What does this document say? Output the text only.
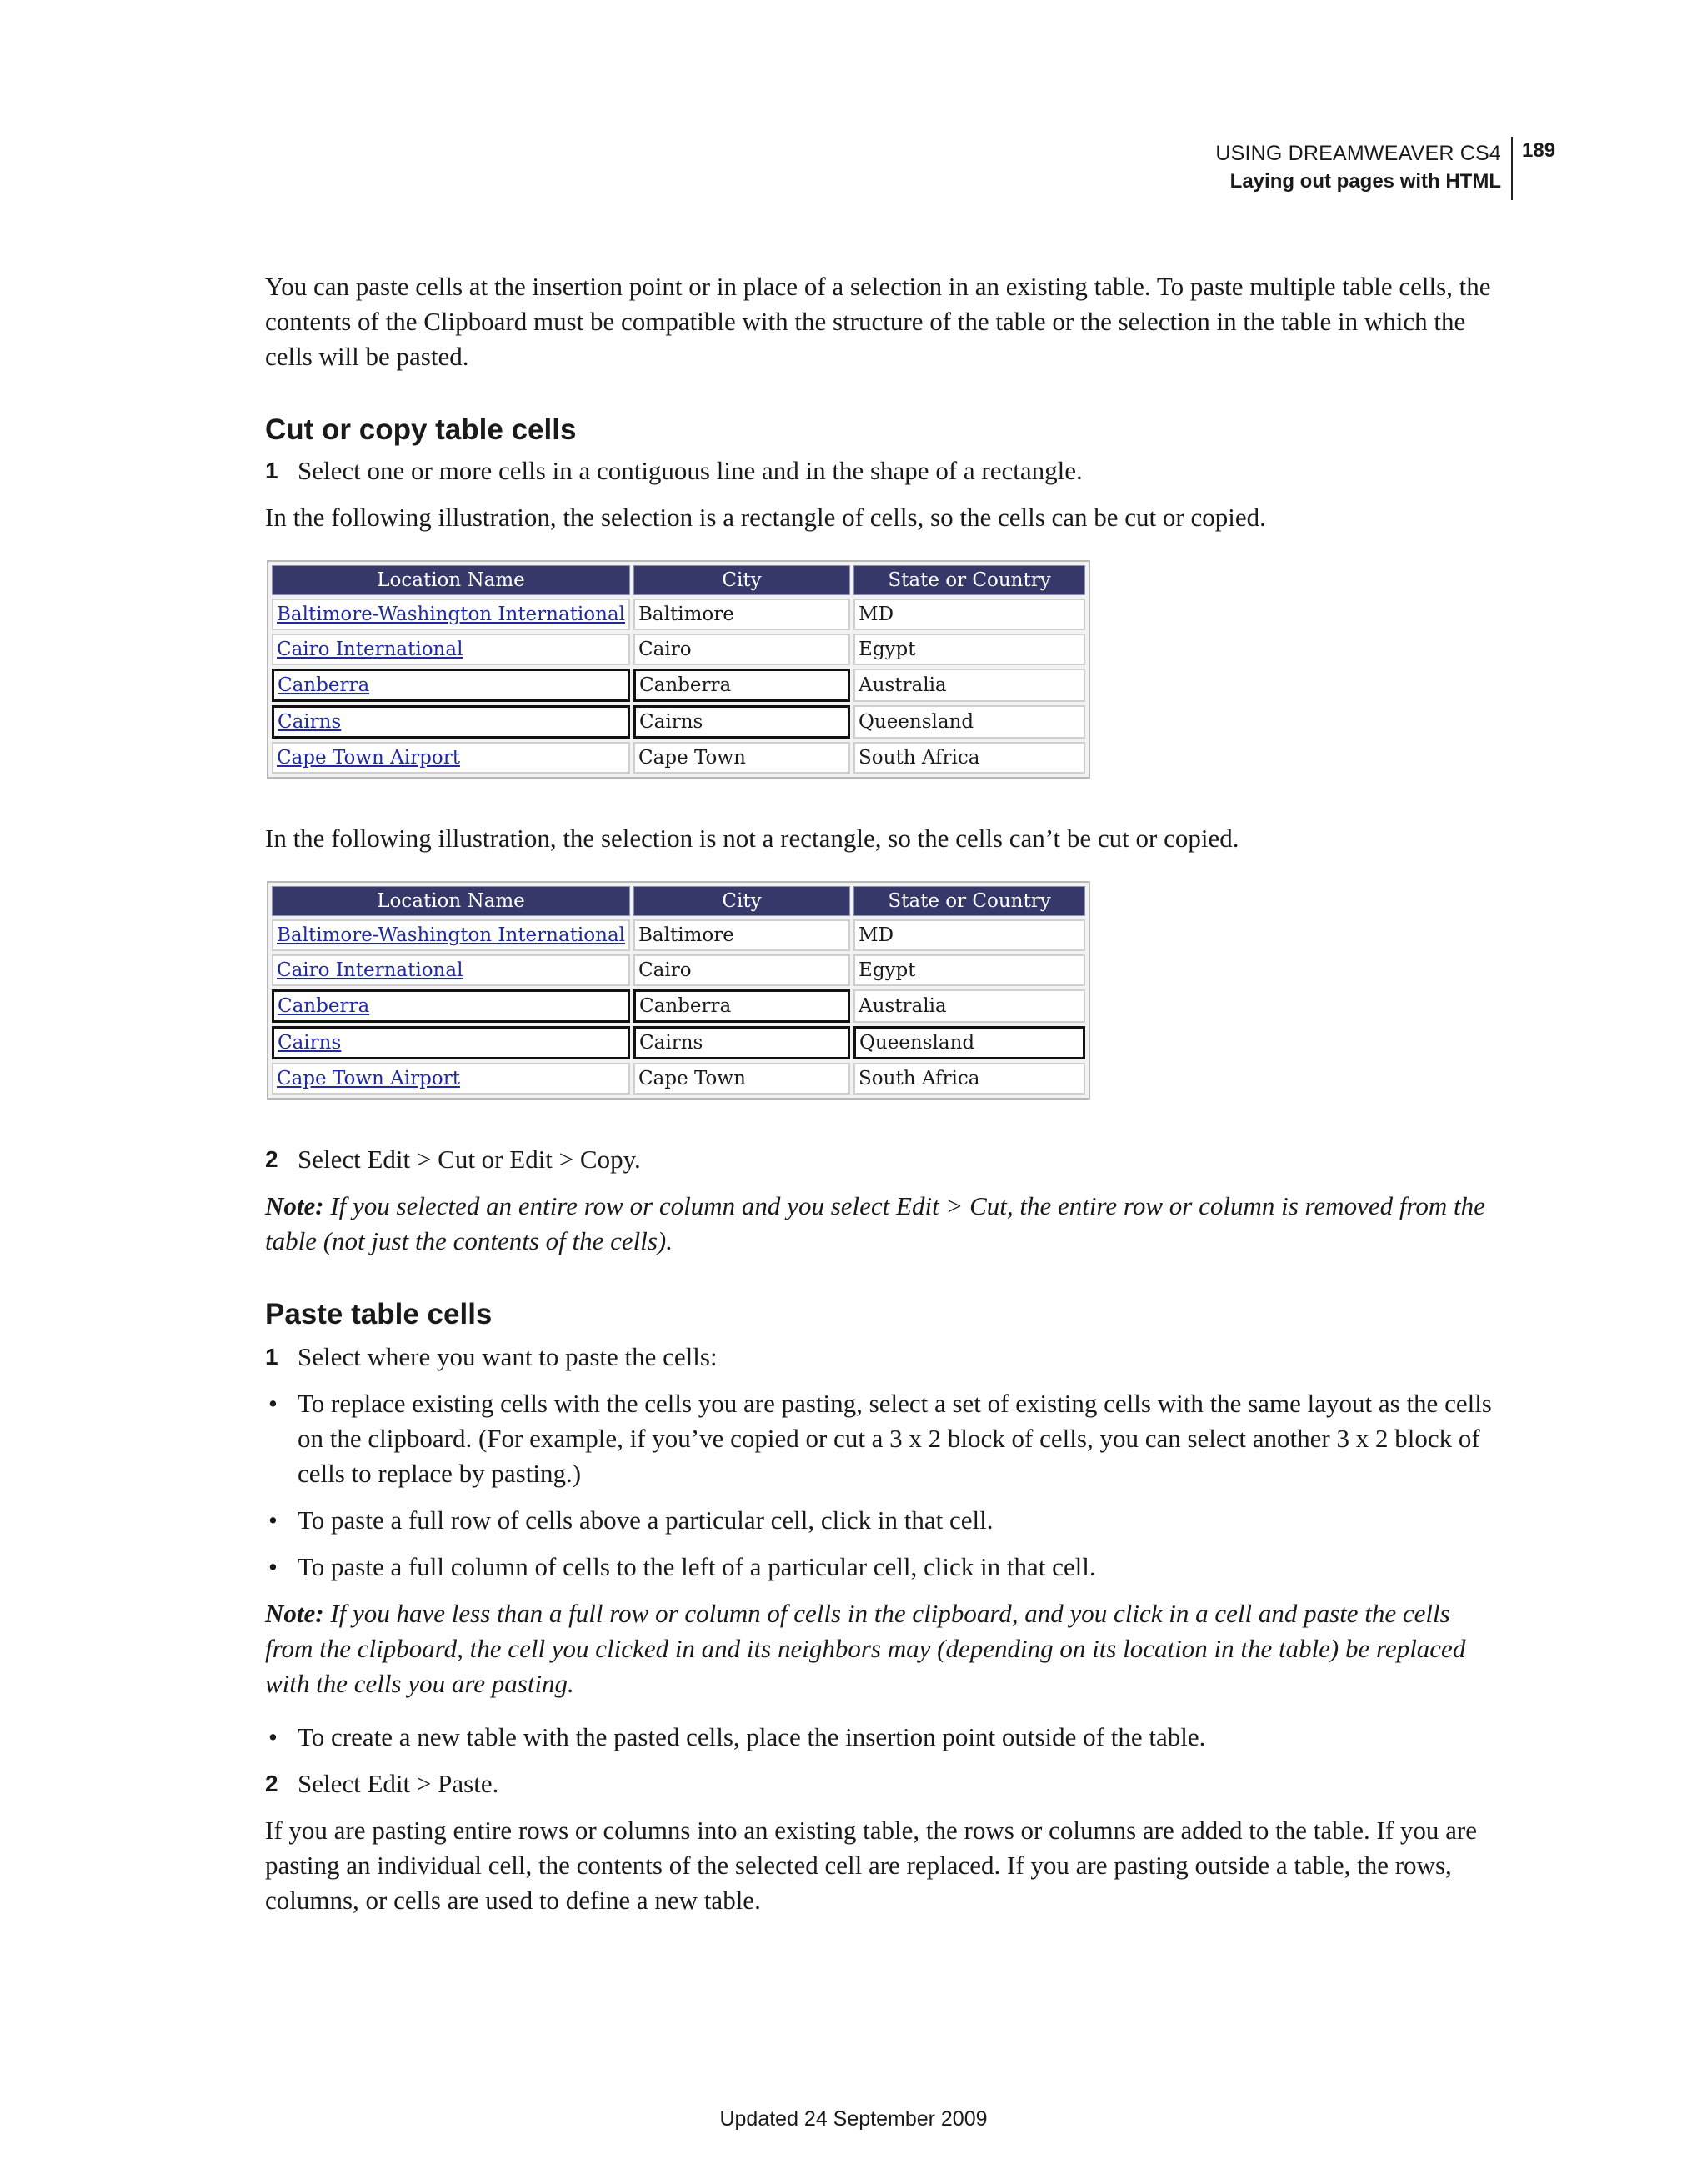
USING DREAMWEAVER CS4
Laying out pages with HTML
189

You can paste cells at the insertion point or in place of a selection in an existing table. To paste multiple table cells, the contents of the Clipboard must be compatible with the structure of the table or the selection in the table in which the cells will be pasted.

Cut or copy table cells
1 Select one or more cells in a contiguous line and in the shape of a rectangle.

In the following illustration, the selection is a rectangle of cells, so the cells can be cut or copied.

Location Name	City	State or Country
Baltimore-Washington International	Baltimore	MD
Cairo International	Cairo	Egypt
Canberra	Canberra	Australia
Cairns	Cairns	Queensland
Cape Town Airport	Cape Town	South Africa

In the following illustration, the selection is not a rectangle, so the cells can’t be cut or copied.

Location Name	City	State or Country
Baltimore-Washington International	Baltimore	MD
Cairo International	Cairo	Egypt
Canberra	Canberra	Australia
Cairns	Cairns	Queensland
Cape Town Airport	Cape Town	South Africa
2 Select Edit > Cut or Edit > Copy.

Note: If you selected an entire row or column and you select Edit > Cut, the entire row or column is removed from the table (not just the contents of the cells).

Paste table cells
1 Select where you want to paste the cells:
• To replace existing cells with the cells you are pasting, select a set of existing cells with the same layout as the cells on the clipboard. (For example, if you’ve copied or cut a 3 x 2 block of cells, you can select another 3 x 2 block of cells to replace by pasting.)
• To paste a full row of cells above a particular cell, click in that cell.
• To paste a full column of cells to the left of a particular cell, click in that cell.

Note: If you have less than a full row or column of cells in the clipboard, and you click in a cell and paste the cells from the clipboard, the cell you clicked in and its neighbors may (depending on its location in the table) be replaced with the cells you are pasting.

• To create a new table with the pasted cells, place the insertion point outside of the table.
2 Select Edit > Paste.

If you are pasting entire rows or columns into an existing table, the rows or columns are added to the table. If you are pasting an individual cell, the contents of the selected cell are replaced. If you are pasting outside a table, the rows, columns, or cells are used to define a new table.

Updated 24 September 2009
